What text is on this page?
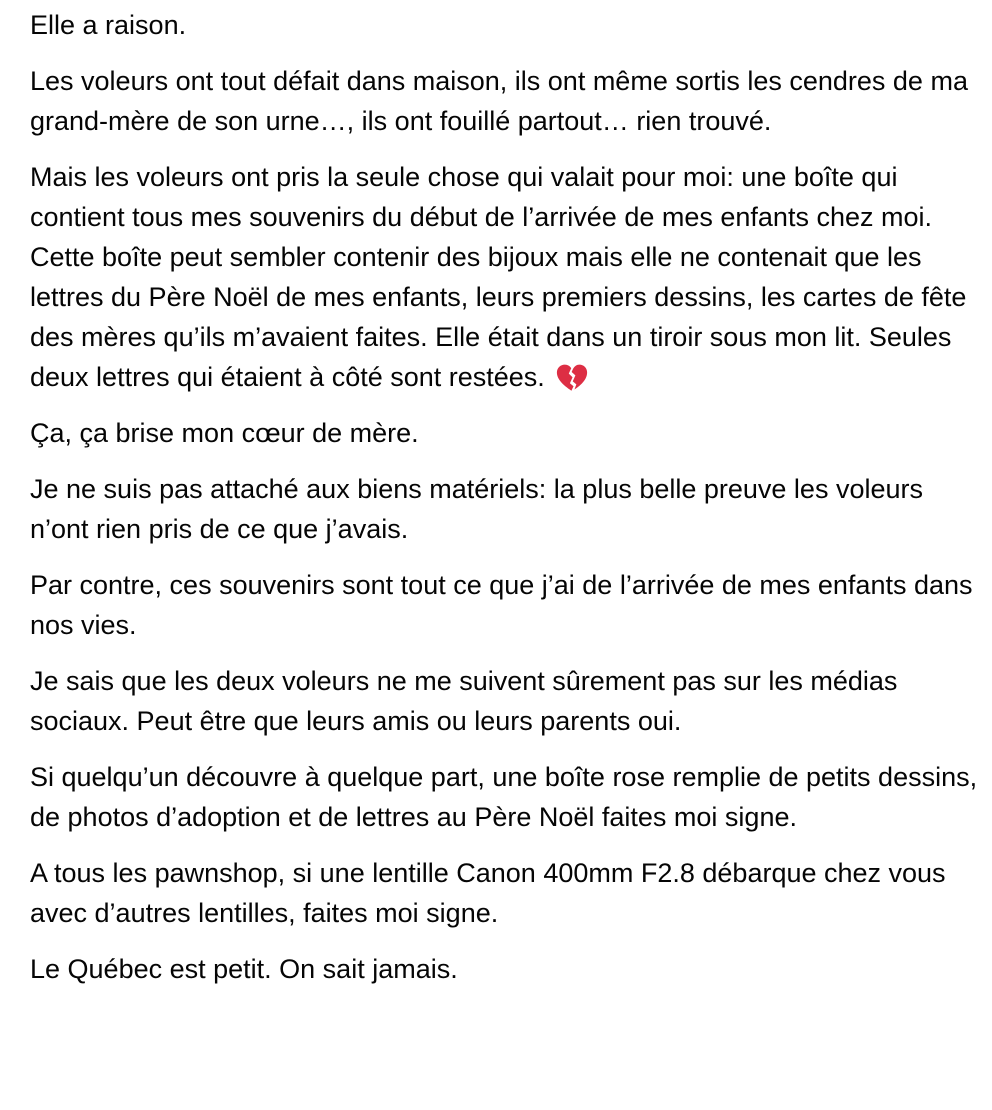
Elle a raison.

Les voleurs ont tout défait dans maison, ils ont même sortis les cendres de ma grand-mère de son urne…, ils ont fouillé partout… rien trouvé.

Mais les voleurs ont pris la seule chose qui valait pour moi: une boîte qui contient tous mes souvenirs du début de l’arrivée de mes enfants chez moi. Cette boîte peut sembler contenir des bijoux mais elle ne contenait que les lettres du Père Noël de mes enfants, leurs premiers dessins, les cartes de fête des mères qu’ils m’avaient faites. Elle était dans un tiroir sous mon lit. Seules deux lettres qui étaient à côté sont restées.

Ça, ça brise mon cœur de mère.

Je ne suis pas attaché aux biens matériels: la plus belle preuve les voleurs n’ont rien pris de ce que j’avais.

Par contre, ces souvenirs sont tout ce que j’ai de l’arrivée de mes enfants dans nos vies.

Je sais que les deux voleurs ne me suivent sûrement pas sur les médias sociaux. Peut être que leurs amis ou leurs parents oui.

Si quelqu’un découvre à quelque part, une boîte rose remplie de petits dessins, de photos d’adoption et de lettres au Père Noël faites moi signe.

A tous les pawnshop, si une lentille Canon 400mm F2.8 débarque chez vous avec d’autres lentilles, faites moi signe.

Le Québec est petit. On sait jamais.
